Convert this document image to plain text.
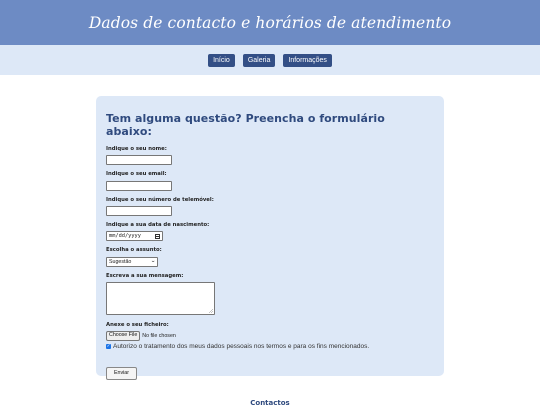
Dados de contacto e horários de atendimento
Início	Galeria	Informações
Tem alguma questão? Preencha o formulário abaixo:
Indique o seu nome:
Indique o seu email:
Indique o seu número de telemóvel:
Indique a sua data de nascimento:
mm/dd/yyyy
Escolha o assunto:
Sugestão	⌄
Escreva a sua mensagem:
Anexe o seu ficheiro:
Choose File No file chosen
✓ Autorizo o tratamento dos meus dados pessoais nos termos e para os fins mencionados.
Enviar
Contactos
